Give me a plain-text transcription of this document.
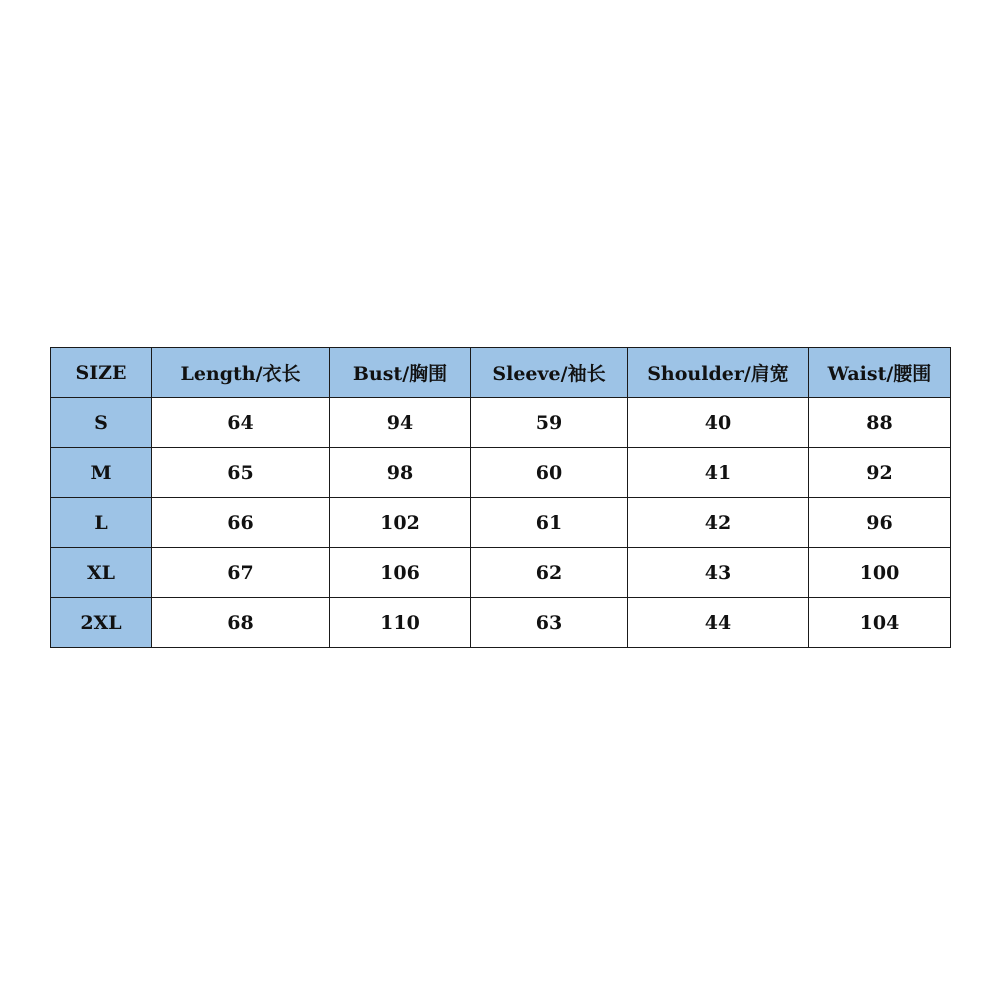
SIZE	Length/衣长	Bust/胸围	Sleeve/袖长	Shoulder/肩宽	Waist/腰围
S	64	94	59	40	88
M	65	98	60	41	92
L	66	102	61	42	96
XL	67	106	62	43	100
2XL	68	110	63	44	104
